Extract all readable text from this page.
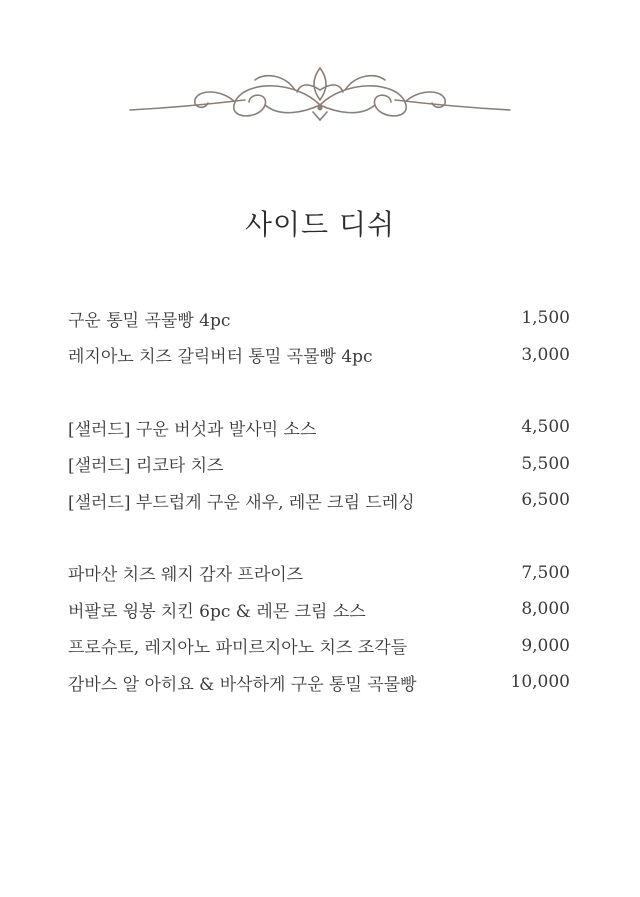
사이드 디쉬
구운 통밀 곡물빵 4pc	1,500
레지아노 치즈 갈릭버터 통밀 곡물빵 4pc	3,000
[샐러드] 구운 버섯과 발사믹 소스	4,500
[샐러드] 리코타 치즈	5,500
[샐러드] 부드럽게 구운 새우, 레몬 크림 드레싱	6,500
파마산 치즈 웨지 감자 프라이즈	7,500
버팔로 윙봉 치킨 6pc & 레몬 크림 소스	8,000
프로슈토, 레지아노 파미르지아노 치즈 조각들	9,000
감바스 알 아히요 & 바삭하게 구운 통밀 곡물빵	10,000
